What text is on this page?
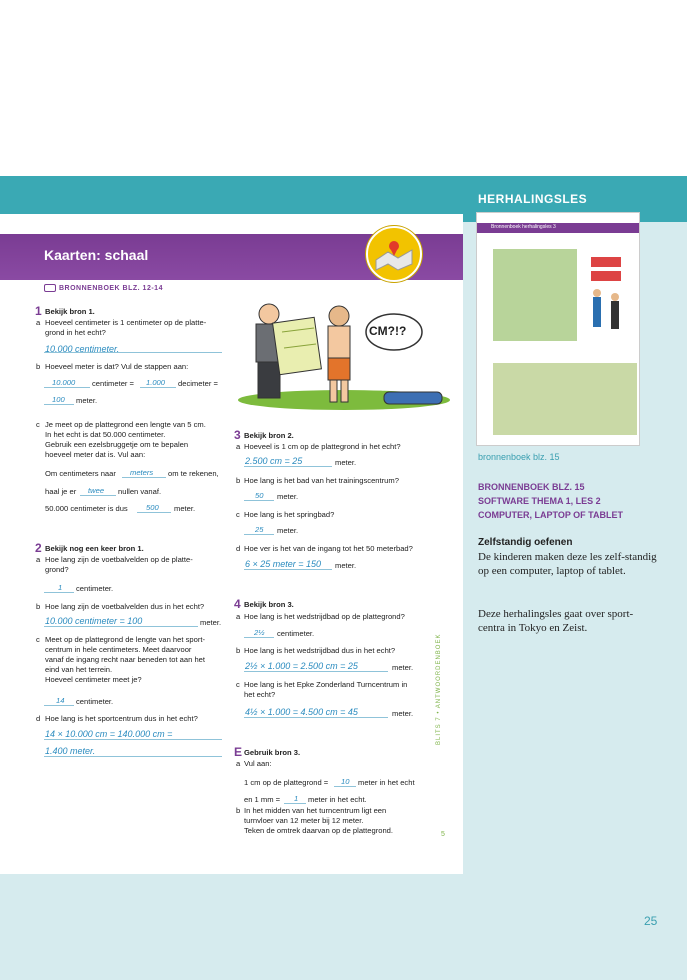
HERHALINGSLES
Kaarten: schaal
BRONNENBOEK BLZ. 12-14
1 Bekijk bron 1.
a Hoeveel centimeter is 1 centimeter op de platte-
grond in het echt?
10.000 centimeter.
b Hoeveel meter is dat? Vul de stappen aan:
10.000 centimeter = 1.000 decimeter =
100 meter.
c Je meet op de plattegrond een lengte van 5 cm.
In het echt is dat 50.000 centimeter.
Gebruik een ezelsbruggetje om te bepalen
hoeveel meter dat is. Vul aan:
Om centimeters naar meters om te rekenen,
haal je er twee nullen vanaf.
50.000 centimeter is dus 500 meter.
2 Bekijk nog een keer bron 1.
a Hoe lang zijn de voetbalvelden op de platte-
grond?
1 centimeter.
b Hoe lang zijn de voetbalvelden dus in het echt?
10.000 centimeter = 100	meter.
c Meet op de plattegrond de lengte van het sport-
centrum in hele centimeters. Meet daarvoor
vanaf de ingang recht naar beneden tot aan het
eind van het terrein.
Hoeveel centimeter meet je?
14 centimeter.
d Hoe lang is het sportcentrum dus in het echt?
14 × 10.000 cm = 140.000 cm =
1.400 meter.
CM?!?
3 Bekijk bron 2.
a Hoeveel is 1 cm op de plattegrond in het echt?
2.500 cm = 25	meter.
b Hoe lang is het bad van het trainingscentrum?
50 meter.
c Hoe lang is het springbad?
25 meter.
d Hoe ver is het van de ingang tot het 50 meterbad?
6 × 25 meter = 150 meter.
4 Bekijk bron 3.
a Hoe lang is het wedstrijdbad op de plattegrond?
2½ centimeter.
b Hoe lang is het wedstrijdbad dus in het echt?
2½ × 1.000 = 2.500 cm = 25	meter.
c Hoe lang is het Epke Zonderland Turncentrum in
het echt?
4½ × 1.000 = 4.500 cm = 45	meter.
E Gebruik bron 3.
a Vul aan:
1 cm op de plattegrond = 10 meter in het echt
en 1 mm = 1 meter in het echt.
b In het midden van het turncentrum ligt een
turnvloer van 12 meter bij 12 meter.
Teken de omtrek daarvan op de plattegrond.
BLITS 7 • ANTWOORDENBOEK
5
Bronnenboek herhalingsles 3
bronnenboek blz. 15
BRONNENBOEK BLZ. 15
SOFTWARE THEMA 1, LES 2
COMPUTER, LAPTOP OF TABLET
Zelfstandig oefenen
De kinderen maken deze les zelf-standig op een computer, laptop of tablet.
Deze herhalingsles gaat over sport-centra in Tokyo en Zeist.
25
